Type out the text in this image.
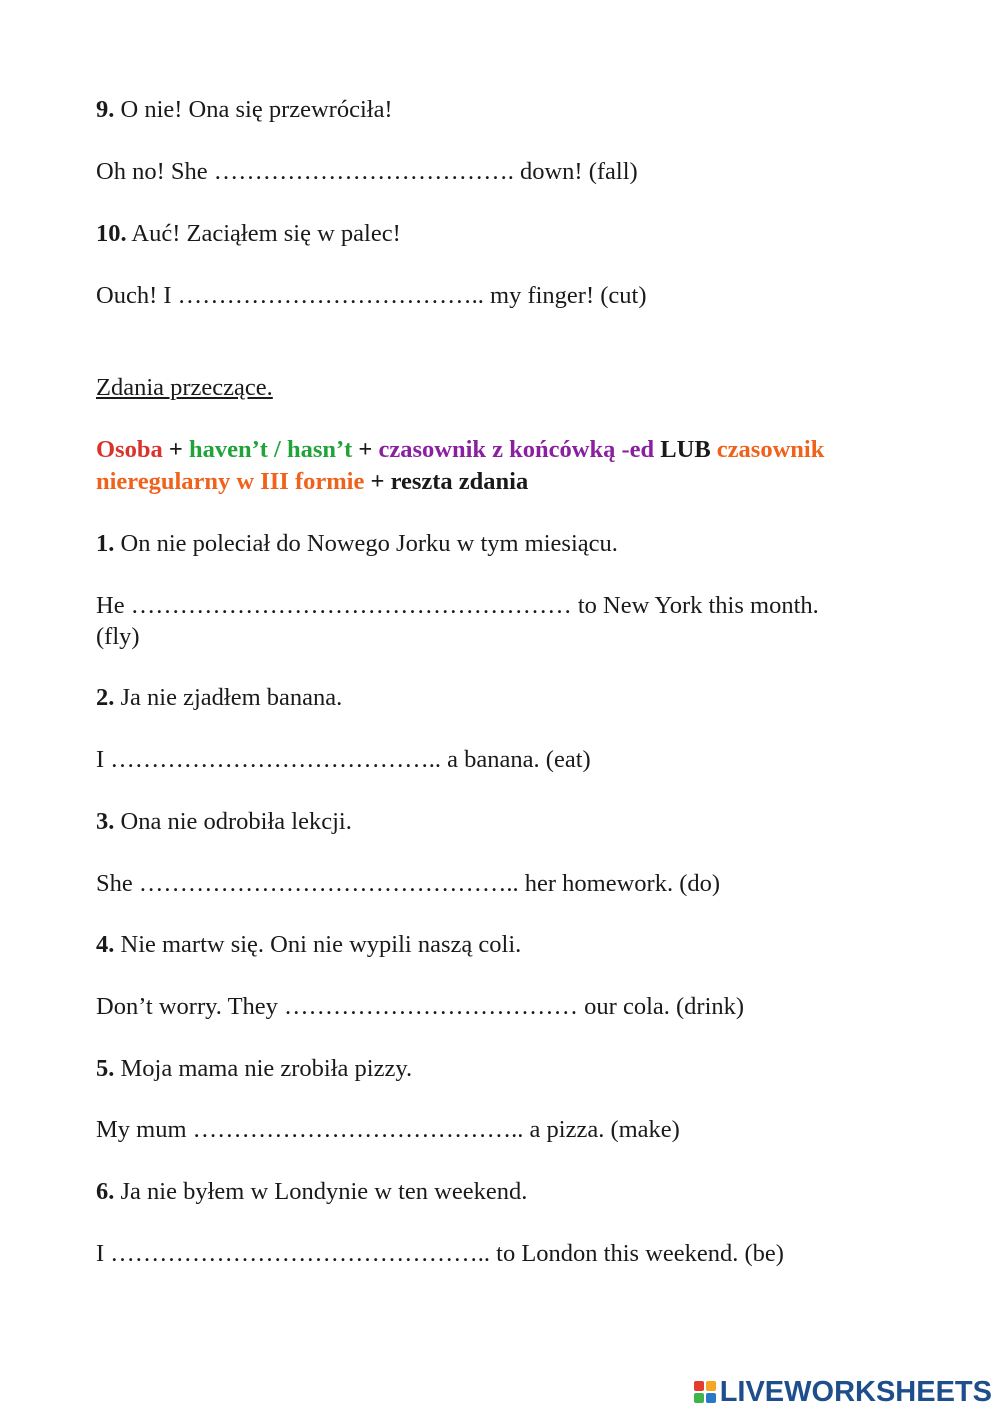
9. O nie! Ona się przewróciła!
Oh no! She ………………………………. down! (fall)
10. Auć! Zaciąłem się w palec!
Ouch! I ……………………………….. my finger! (cut)
Zdania przeczące.
Osoba + haven’t / hasn’t + czasownik z końcówką -ed LUB czasownik nieregularny w III formie + reszta zdania
1. On nie poleciał do Nowego Jorku w tym miesiącu.
He ……………………………………………… to New York this month.
(fly)
2. Ja nie zjadłem banana.
I ………………………………….. a banana. (eat)
3. Ona nie odrobiła lekcji.
She ……………………………………….. her homework. (do)
4. Nie martw się. Oni nie wypili naszą coli.
Don’t worry. They ……………………………… our cola. (drink)
5. Moja mama nie zrobiła pizzy.
My mum ………………………………….. a pizza. (make)
6. Ja nie byłem w Londynie w ten weekend.
I ……………………………………….. to London this weekend. (be)
LIVEWORKSHEETS
